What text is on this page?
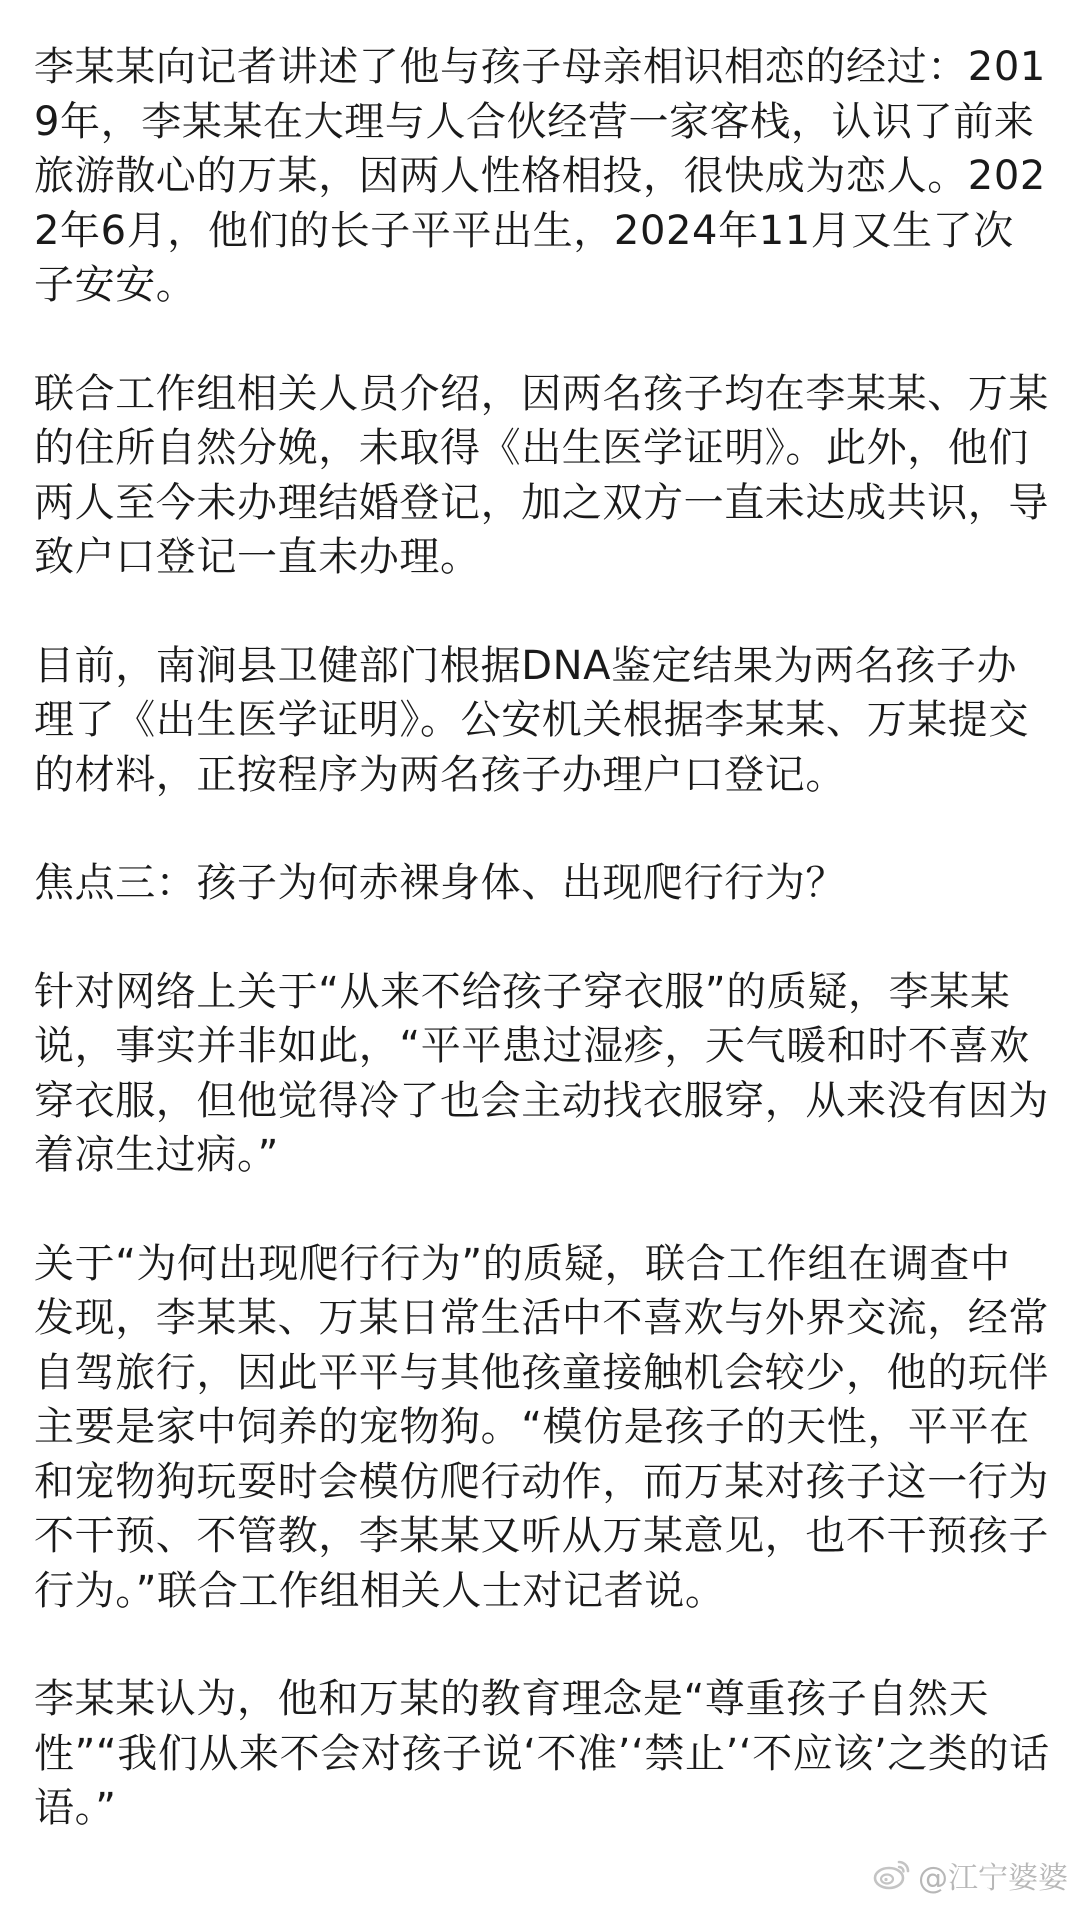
李某某向记者讲述了他与孩子母亲相识相恋的经过：2019年，李某某在大理与人合伙经营一家客栈，认识了前来旅游散心的万某，因两人性格相投，很快成为恋人。2022年6月，他们的长子平平出生，2024年11月又生了次子安安。

联合工作组相关人员介绍，因两名孩子均在李某某、万某的住所自然分娩，未取得《出生医学证明》。此外，他们两人至今未办理结婚登记，加之双方一直未达成共识，导致户口登记一直未办理。

目前，南涧县卫健部门根据DNA鉴定结果为两名孩子办理了《出生医学证明》。公安机关根据李某某、万某提交的材料，正按程序为两名孩子办理户口登记。

焦点三：孩子为何赤裸身体、出现爬行行为？

针对网络上关于“从来不给孩子穿衣服”的质疑，李某某说，事实并非如此，“平平患过湿疹，天气暖和时不喜欢穿衣服，但他觉得冷了也会主动找衣服穿，从来没有因为着凉生过病。”

关于“为何出现爬行行为”的质疑，联合工作组在调查中发现，李某某、万某日常生活中不喜欢与外界交流，经常自驾旅行，因此平平与其他孩童接触机会较少，他的玩伴主要是家中饲养的宠物狗。“模仿是孩子的天性，平平在和宠物狗玩耍时会模仿爬行动作，而万某对孩子这一行为不干预、不管教，李某某又听从万某意见，也不干预孩子行为。”联合工作组相关人士对记者说。

李某某认为，他和万某的教育理念是“尊重孩子自然天性”“我们从来不会对孩子说‘不准’‘禁止’‘不应该’之类的话语。”

@江宁婆婆
